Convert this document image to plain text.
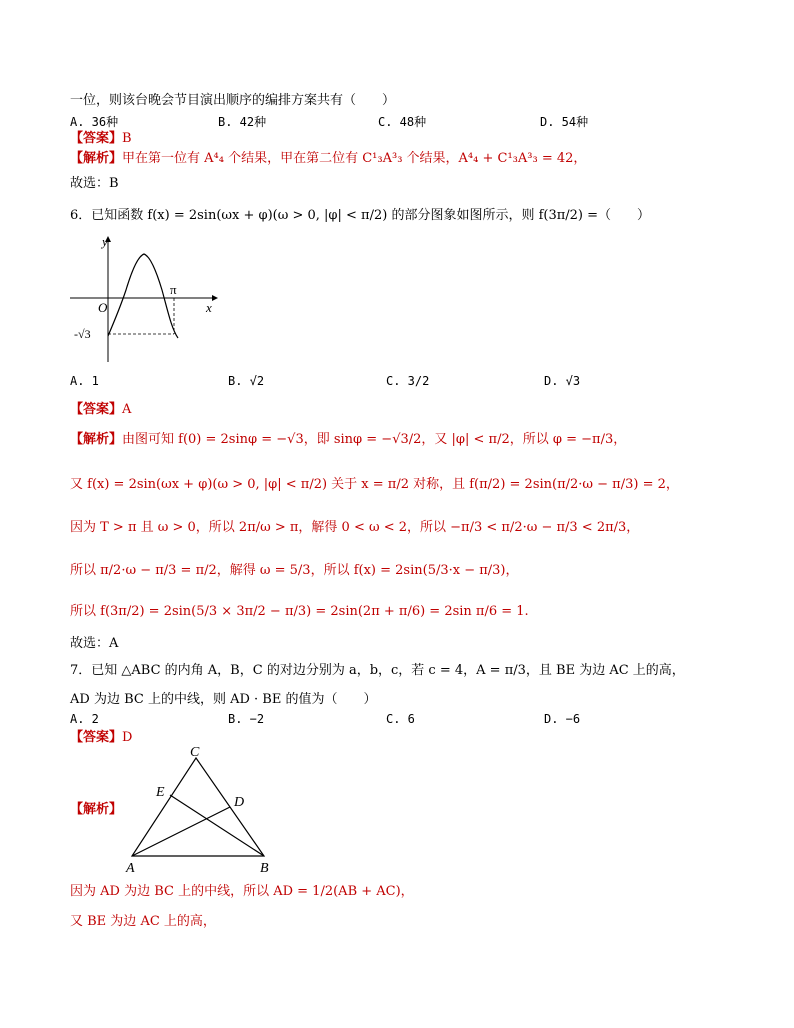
一位，则该台晚会节目演出顺序的编排方案共有（　　）
A. 36种	B. 42种	C. 48种	D. 54种
【答案】B
【解析】甲在第一位有 A⁴₄ 个结果，甲在第二位有 C¹₃A³₃ 个结果，A⁴₄ + C¹₃A³₃ = 42，
故选：B
6．已知函数 f(x) = 2sin(ωx + φ)(ω > 0, |φ| < π/2) 的部分图象如图所示，则 f(3π/2) =（　　）
y
x
O
π
-√3
A. 1	B. √2	C. 3/2	D. √3
【答案】A
【解析】由图可知 f(0) = 2sinφ = −√3，即 sinφ = −√3/2，又 |φ| < π/2，所以 φ = −π/3，
又 f(x) = 2sin(ωx + φ)(ω > 0, |φ| < π/2) 关于 x = π/2 对称，且 f(π/2) = 2sin(π/2·ω − π/3) = 2，
因为 T > π 且 ω > 0，所以 2π/ω > π，解得 0 < ω < 2，所以 −π/3 < π/2·ω − π/3 < 2π/3，
所以 π/2·ω − π/3 = π/2，解得 ω = 5/3，所以 f(x) = 2sin(5/3·x − π/3)，
所以 f(3π/2) = 2sin(5/3 × 3π/2 − π/3) = 2sin(2π + π/6) = 2sin π/6 = 1.
故选：A
7．已知 △ABC 的内角 A，B，C 的对边分别为 a，b，c，若 c = 4，A = π/3，且 BE 为边 AC 上的高，
AD 为边 BC 上的中线，则 AD · BE 的值为（　　）
A. 2	B. −2	C. 6	D. −6
【答案】D
【解析】
C
E
D
A	B
因为 AD 为边 BC 上的中线，所以 AD = 1/2(AB + AC)，
又 BE 为边 AC 上的高，
